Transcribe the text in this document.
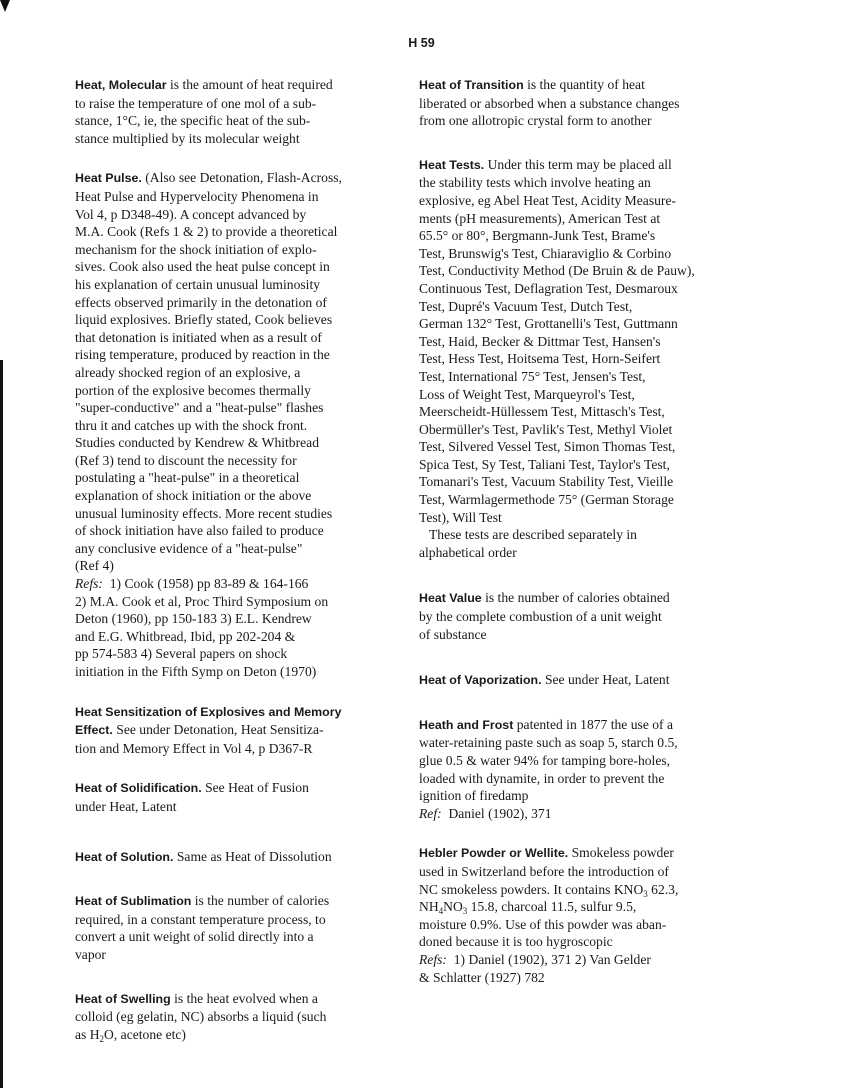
H 59
Heat, Molecular is the amount of heat required
to raise the temperature of one mol of a sub-
stance, 1°C, ie, the specific heat of the sub-
stance multiplied by its molecular weight
Heat Pulse. (Also see Detonation, Flash-Across,
Heat Pulse and Hypervelocity Phenomena in
Vol 4, p D348-49). A concept advanced by
M.A. Cook (Refs 1 & 2) to provide a theoretical
mechanism for the shock initiation of explo-
sives. Cook also used the heat pulse concept in
his explanation of certain unusual luminosity
effects observed primarily in the detonation of
liquid explosives. Briefly stated, Cook believes
that detonation is initiated when as a result of
rising temperature, produced by reaction in the
already shocked region of an explosive, a
portion of the explosive becomes thermally
"super-conductive" and a "heat-pulse" flashes
thru it and catches up with the shock front.
Studies conducted by Kendrew & Whitbread
(Ref 3) tend to discount the necessity for
postulating a "heat-pulse" in a theoretical
explanation of shock initiation or the above
unusual luminosity effects. More recent studies
of shock initiation have also failed to produce
any conclusive evidence of a "heat-pulse"
(Ref 4)
Refs: 1) Cook (1958) pp 83-89 & 164-166
2) M.A. Cook et al, Proc Third Symposium on
Deton (1960), pp 150-183 3) E.L. Kendrew
and E.G. Whitbread, Ibid, pp 202-204 &
pp 574-583 4) Several papers on shock
initiation in the Fifth Symp on Deton (1970)
Heat Sensitization of Explosives and Memory
Effect. See under Detonation, Heat Sensitiza-
tion and Memory Effect in Vol 4, p D367-R
Heat of Solidification. See Heat of Fusion
under Heat, Latent
Heat of Solution. Same as Heat of Dissolution
Heat of Sublimation is the number of calories
required, in a constant temperature process, to
convert a unit weight of solid directly into a
vapor
Heat of Swelling is the heat evolved when a
colloid (eg gelatin, NC) absorbs a liquid (such
as $H_2O$, acetone etc)
Heat of Transition is the quantity of heat
liberated or absorbed when a substance changes
from one allotropic crystal form to another
Heat Tests. Under this term may be placed all
the stability tests which involve heating an
explosive, eg Abel Heat Test, Acidity Measure-
ments (pH measurements), American Test at
65.5° or 80°, Bergmann-Junk Test, Brame's
Test, Brunswig's Test, Chiaraviglio & Corbino
Test, Conductivity Method (De Bruin & de Pauw),
Continuous Test, Deflagration Test, Desmaroux
Test, Dupré's Vacuum Test, Dutch Test,
German 132° Test, Grottanelli's Test, Guttmann
Test, Haid, Becker & Dittmar Test, Hansen's
Test, Hess Test, Hoitsema Test, Horn-Seifert
Test, International 75° Test, Jensen's Test,
Loss of Weight Test, Marqueyrol's Test,
Meerscheidt-Hüllessem Test, Mittasch's Test,
Obermüller's Test, Pavlik's Test, Methyl Violet
Test, Silvered Vessel Test, Simon Thomas Test,
Spica Test, Sy Test, Taliani Test, Taylor's Test,
Tomanari's Test, Vacuum Stability Test, Vieille
Test, Warmlagermethode 75° (German Storage
Test), Will Test
These tests are described separately in
alphabetical order
Heat Value is the number of calories obtained
by the complete combustion of a unit weight
of substance
Heat of Vaporization. See under Heat, Latent
Heath and Frost patented in 1877 the use of a
water-retaining paste such as soap 5, starch 0.5,
glue 0.5 & water 94% for tamping bore-holes,
loaded with dynamite, in order to prevent the
ignition of firedamp
Ref: Daniel (1902), 371
Hebler Powder or Wellite. Smokeless powder
used in Switzerland before the introduction of
NC smokeless powders. It contains $KNO_3$ 62.3,
$NH_4NO_3$ 15.8, charcoal 11.5, sulfur 9.5,
moisture 0.9%. Use of this powder was aban-
doned because it is too hygroscopic
Refs: 1) Daniel (1902), 371 2) Van Gelder
& Schlatter (1927) 782
